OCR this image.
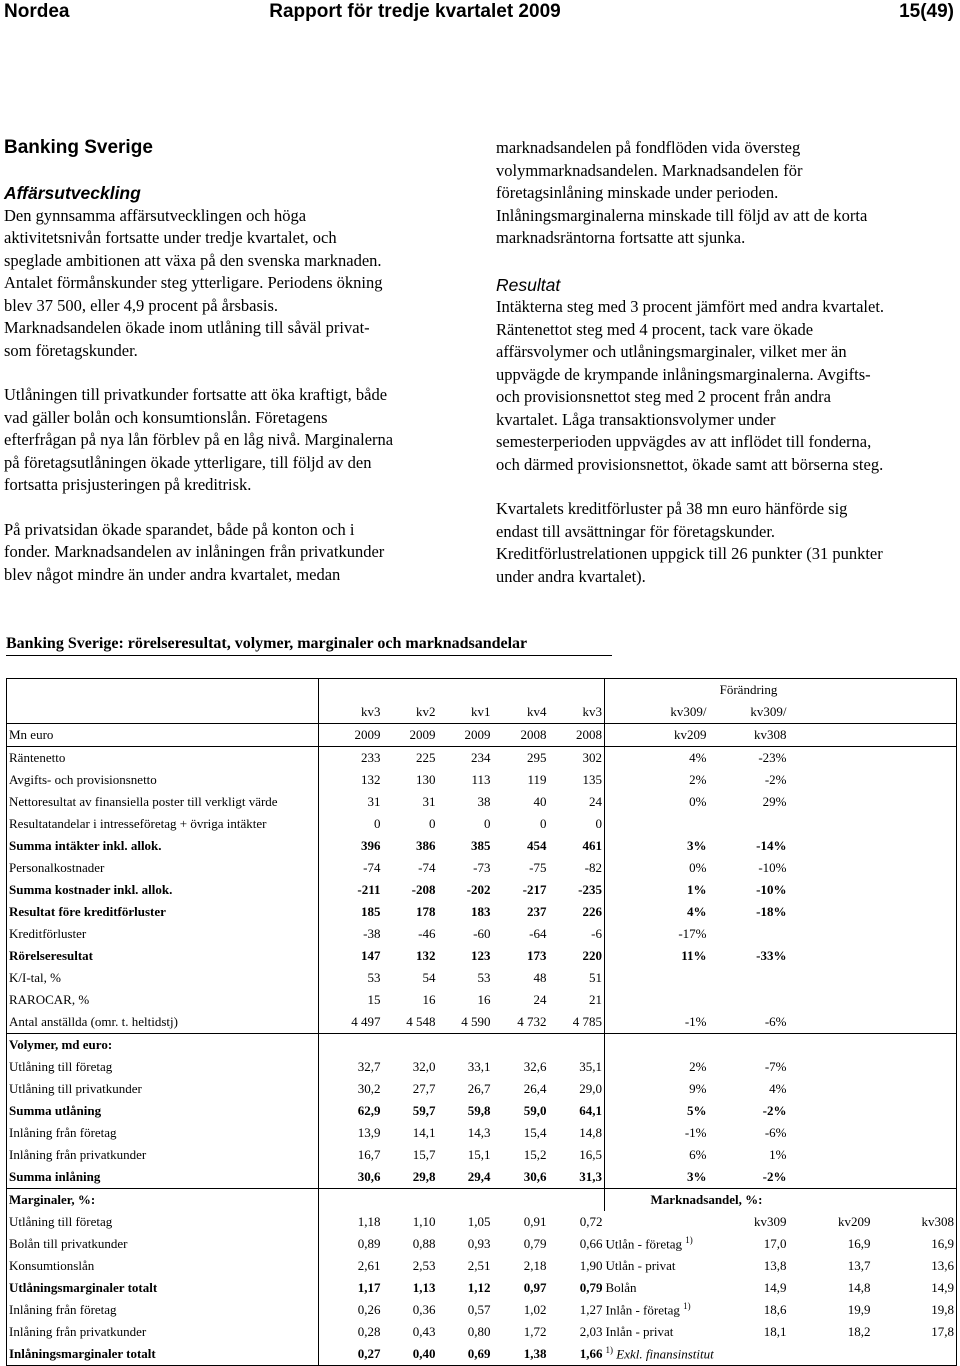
Nordea	Rapport för tredje kvartalet 2009	15(49)
Banking Sverige
Affärsutveckling

Den gynnsamma affärsutvecklingen och höga

aktivitetsnivån fortsatte under tredje kvartalet, och

speglade ambitionen att växa på den svenska marknaden.

Antalet förmånskunder steg ytterligare. Periodens ökning

blev 37 500, eller 4,9 procent på årsbasis.

Marknadsandelen ökade inom utlåning till såväl privat-

som företagskunder.

Utlåningen till privatkunder fortsatte att öka kraftigt, både

vad gäller bolån och konsumtionslån. Företagens

efterfrågan på nya lån förblev på en låg nivå. Marginalerna

på företagsutlåningen ökade ytterligare, till följd av den

fortsatta prisjusteringen på kreditrisk.

På privatsidan ökade sparandet, både på konton och i

fonder. Marknadsandelen av inlåningen från privatkunder

blev något mindre än under andra kvartalet, medan

marknadsandelen på fondflöden vida översteg

volymmarknadsandelen. Marknadsandelen för

företagsinlåning minskade under perioden.

Inlåningsmarginalerna minskade till följd av att de korta

marknadsräntorna fortsatte att sjunka.

Resultat

Intäkterna steg med 3 procent jämfört med andra kvartalet.

Räntenettot steg med 4 procent, tack vare ökade

affärsvolymer och utlåningsmarginaler, vilket mer än

uppvägde de krympande inlåningsmarginalerna. Avgifts-

och provisionsnettot steg med 2 procent från andra

kvartalet. Låga transaktionsvolymer under

semesterperioden uppvägdes av att inflödet till fonderna,

och därmed provisionsnettot, ökade samt att börserna steg.

Kvartalets kreditförluster på 38 mn euro hänförde sig

endast till avsättningar för företagskunder.

Kreditförlustrelationen uppgick till 26 punkter (31 punkter

under andra kvartalet).

Banking Sverige: rörelseresultat, volymer, marginaler och marknadsandelar
							Förändring		
	kv3	kv2	kv1	kv4	kv3	kv309/	kv309/		
Mn euro	2009	2009	2009	2008	2008	kv209	kv308		
Räntenetto	233	225	234	295	302	4%	-23%		
Avgifts- och provisionsnetto	132	130	113	119	135	2%	-2%		
Nettoresultat av finansiella poster till verkligt värde	31	31	38	40	24	0%	29%		
Resultatandelar i intresseföretag + övriga intäkter	0	0	0	0	0				
Summa intäkter inkl. allok.	396	386	385	454	461	3%	-14%		
Personalkostnader	-74	-74	-73	-75	-82	0%	-10%		
Summa kostnader inkl. allok.	-211	-208	-202	-217	-235	1%	-10%		
Resultat före kreditförluster	185	178	183	237	226	4%	-18%		
Kreditförluster	-38	-46	-60	-64	-6	-17%			
Rörelseresultat	147	132	123	173	220	11%	-33%		
K/I-tal, %	53	54	53	48	51				
RAROCAR, %	15	16	16	24	21				
Antal anställda (omr. t. heltidstj)	4 497	4 548	4 590	4 732	4 785	-1%	-6%		
Volymer, md euro:									
Utlåning till företag	32,7	32,0	33,1	32,6	35,1	2%	-7%		
Utlåning till privatkunder	30,2	27,7	26,7	26,4	29,0	9%	4%		
Summa utlåning	62,9	59,7	59,8	59,0	64,1	5%	-2%		
Inlåning från företag	13,9	14,1	14,3	15,4	14,8	-1%	-6%		
Inlåning från privatkunder	16,7	15,7	15,1	15,2	16,5	6%	1%		
Summa inlåning	30,6	29,8	29,4	30,6	31,3	3%	-2%		
Marginaler, %:						Marknadsandel, %:			
Utlåning till företag	1,18	1,10	1,05	0,91	0,72		kv309	kv209	kv308
Bolån till privatkunder	0,89	0,88	0,93	0,79	0,66	Utlån - företag $^{1)}$	17,0	16,9	16,9
Konsumtionslån	2,61	2,53	2,51	2,18	1,90	Utlån - privat	13,8	13,7	13,6
Utlåningsmarginaler totalt	1,17	1,13	1,12	0,97	0,79	Bolån	14,9	14,8	14,9
Inlåning från företag	0,26	0,36	0,57	1,02	1,27	Inlån - företag $^{1)}$	18,6	19,9	19,8
Inlåning från privatkunder	0,28	0,43	0,80	1,72	2,03	Inlån - privat	18,1	18,2	17,8
Inlåningsmarginaler totalt	0,27	0,40	0,69	1,38	1,66	$^{1)}$ Exkl. finansinstitut			
